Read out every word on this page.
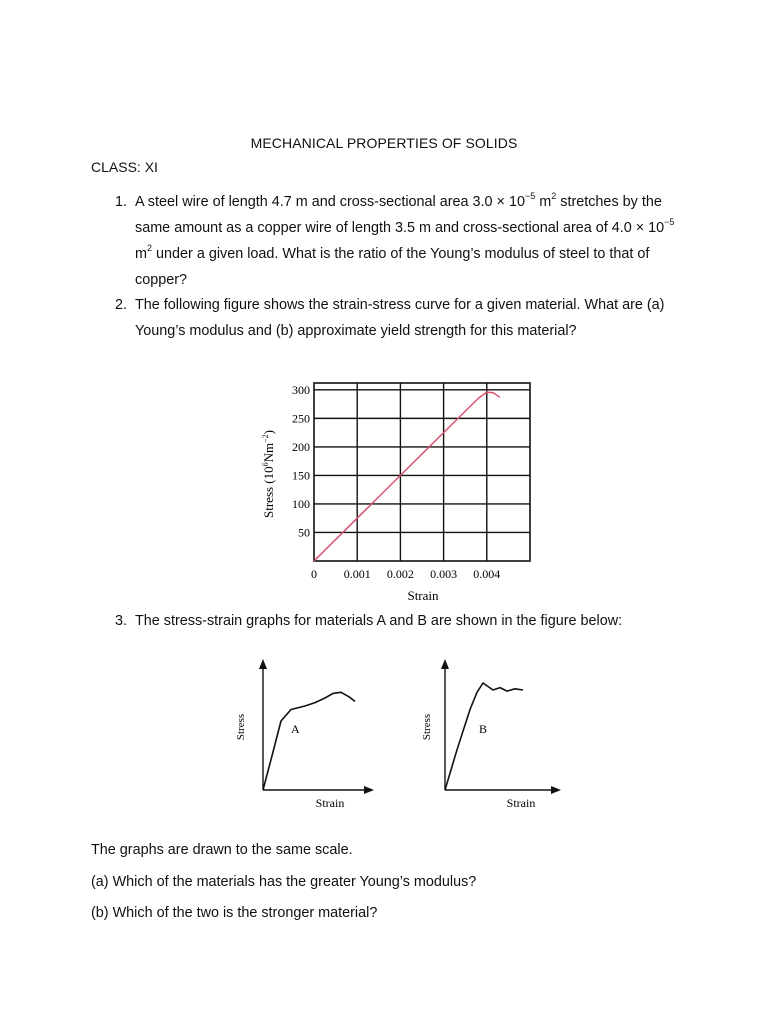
MECHANICAL PROPERTIES OF SOLIDS
CLASS: XI
1. A steel wire of length 4.7 m and cross-sectional area $3.0 \times 10^{-5}$ $m^2$ stretches by the same amount as a copper wire of length 3.5 m and cross-sectional area of $4.0 \times 10^{-5}$ $m^2$ under a given load. What is the ratio of the Young’s modulus of steel to that of copper?
2. The following figure shows the strain-stress curve for a given material. What are (a) Young’s modulus and (b) approximate yield strength for this material?
50
100
150
200
250
300
0 0.001 0.002 0.003 0.004
Strain
Stress $(10^6Nm^{-2})$
3. The stress-strain graphs for materials A and B are shown in the figure below:
A
Strain
Stress	B
Strain
Stress
The graphs are drawn to the same scale.
(a) Which of the materials has the greater Young’s modulus?
(b) Which of the two is the stronger material?
